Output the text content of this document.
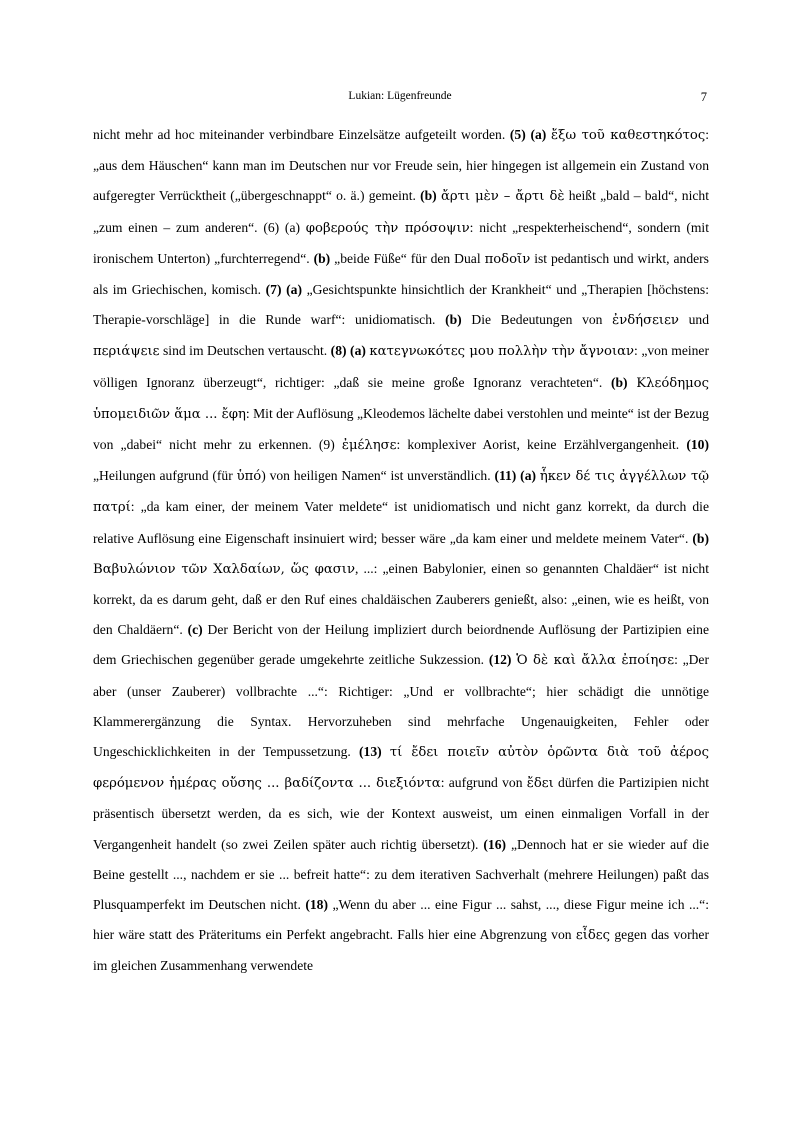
Lukian: Lügenfreunde	7

nicht mehr ad hoc miteinander verbindbare Einzelsätze aufgeteilt worden. (5) (a) ἔξω τοῦ καθεστηκότος: „aus dem Häuschen“ kann man im Deutschen nur vor Freude sein, hier hingegen ist allgemein ein Zustand von aufgeregter Verrücktheit („übergeschnappt“ o. ä.) gemeint. (b) ἄρτι μὲν – ἄρτι δὲ heißt „bald – bald“, nicht „zum einen – zum anderen“. (6) (a) φοβερούς τὴν πρόσοψιν: nicht „respekterheischend“, sondern (mit ironischem Unterton) „furchterregend“. (b) „beide Füße“ für den Dual ποδοῖν ist pedantisch und wirkt, anders als im Griechischen, komisch. (7) (a) „Gesichtspunkte hinsichtlich der Krankheit“ und „Therapien [höchstens: Therapie-vorschläge] in die Runde warf“: unidiomatisch. (b) Die Bedeutungen von ἐνδήσειεν und περιάψειε sind im Deutschen vertauscht. (8) (a) κατεγνωκότες μου πολλὴν τὴν ἄγνοιαν: „von meiner völligen Ignoranz überzeugt“, richtiger: „daß sie meine große Ignoranz verachteten“. (b) Κλεόδημος ὑπομειδιῶν ἅμα ... ἔφη: Mit der Auflösung „Kleodemos lächelte dabei verstohlen und meinte“ ist der Bezug von „dabei“ nicht mehr zu erkennen. (9) ἐμέλησε: komplexiver Aorist, keine Erzählvergangenheit. (10) „Heilungen aufgrund (für ὑπό) von heiligen Namen“ ist unverständlich. (11) (a) ἧκεν δέ τις ἀγγέλλων τῷ πατρί: „da kam einer, der meinem Vater meldete“ ist unidiomatisch und nicht ganz korrekt, da durch die relative Auflösung eine Eigenschaft insinuiert wird; besser wäre „da kam einer und meldete meinem Vater“. (b) Βαβυλώνιον τῶν Χαλδαίων, ὥς φασιν, ...: „einen Babylonier, einen so genannten Chaldäer“ ist nicht korrekt, da es darum geht, daß er den Ruf eines chaldäischen Zauberers genießt, also: „einen, wie es heißt, von den Chaldäern“. (c) Der Bericht von der Heilung impliziert durch beiordnende Auflösung der Partizipien eine dem Griechischen gegenüber gerade umgekehrte zeitliche Sukzession. (12) Ὁ δὲ καὶ ἄλλα ἐποίησε: „Der aber (unser Zauberer) vollbrachte ...“: Richtiger: „Und er vollbrachte“; hier schädigt die unnötige Klammerergänzung die Syntax. Hervorzuheben sind mehrfache Ungenauigkeiten, Fehler oder Ungeschicklichkeiten in der Tempussetzung. (13) τί ἔδει ποιεῖν αὐτὸν ὁρῶντα διὰ τοῦ ἀέρος φερόμενον ἡμέρας οὔσης ... βαδίζοντα ... διεξιόντα: aufgrund von ἔδει dürfen die Partizipien nicht präsentisch übersetzt werden, da es sich, wie der Kontext ausweist, um einen einmaligen Vorfall in der Vergangenheit handelt (so zwei Zeilen später auch richtig übersetzt). (16) „Dennoch hat er sie wieder auf die Beine gestellt ..., nachdem er sie ... befreit hatte“: zu dem iterativen Sachverhalt (mehrere Heilungen) paßt das Plusquamperfekt im Deutschen nicht. (18) „Wenn du aber ... eine Figur ... sahst, ..., diese Figur meine ich ...“: hier wäre statt des Präteritums ein Perfekt angebracht. Falls hier eine Abgrenzung von εἶδες gegen das vorher im gleichen Zusammenhang verwendete
